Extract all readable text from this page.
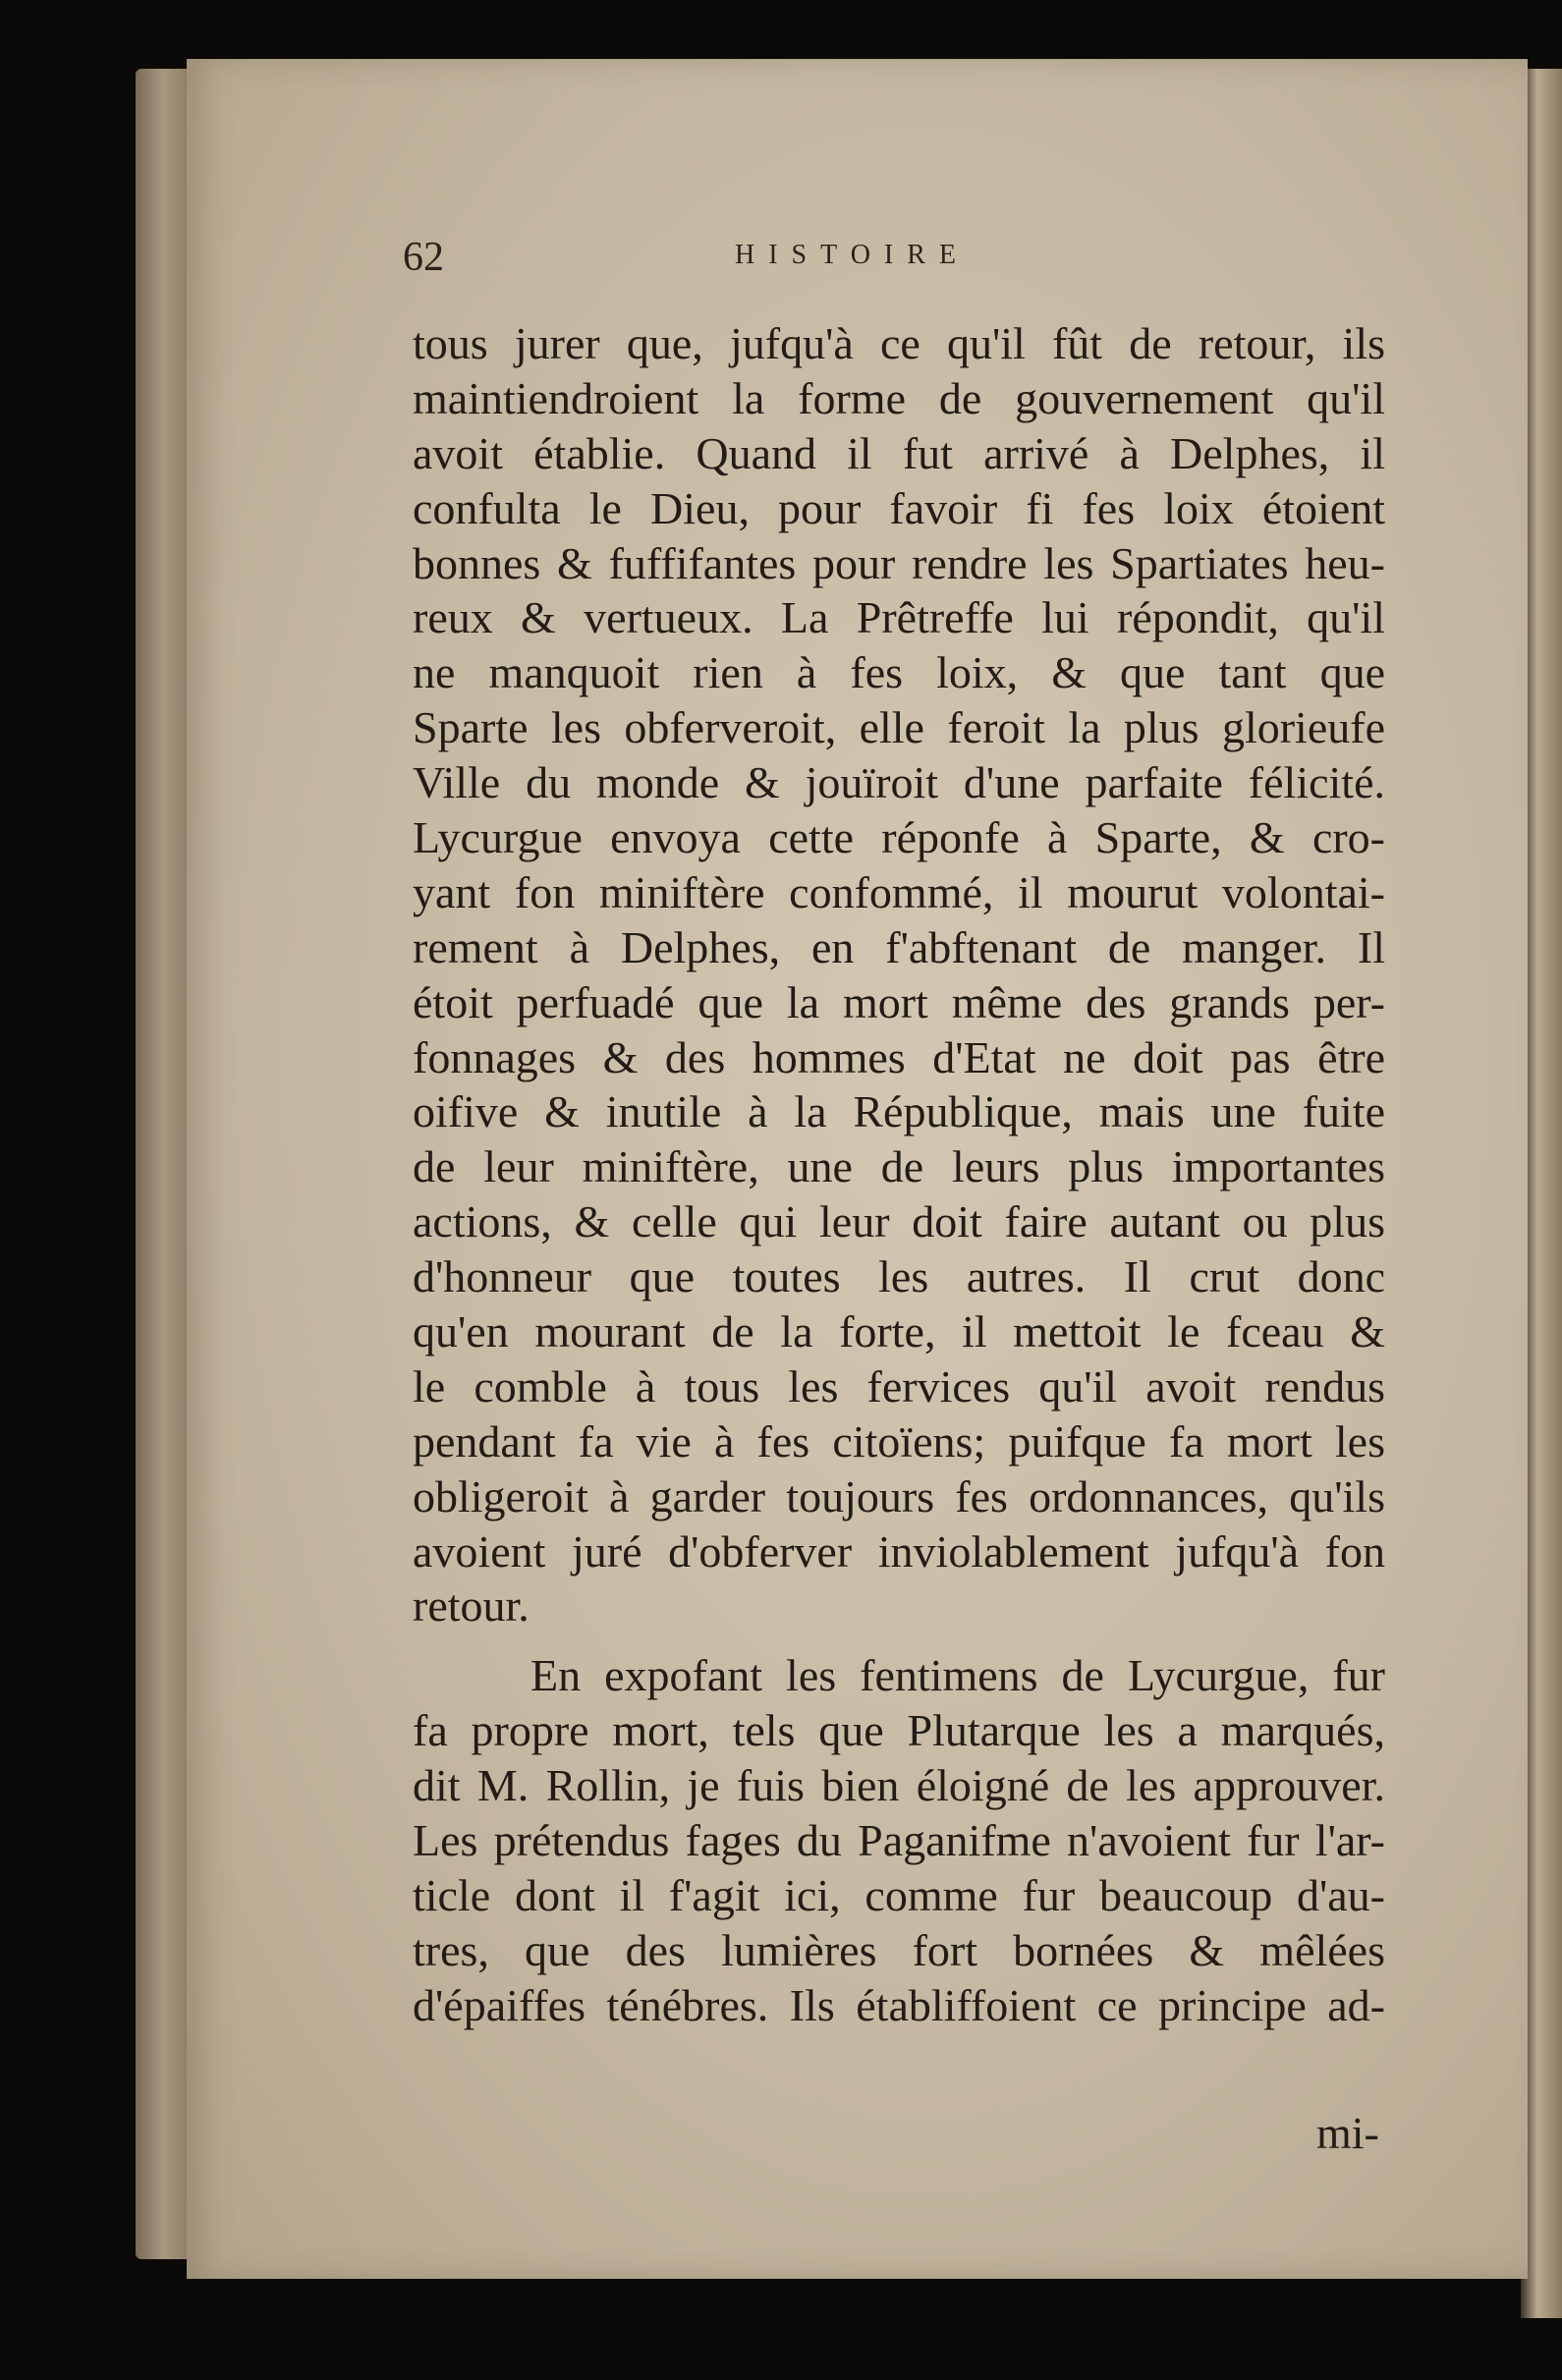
62	HISTOIRE
tous jurer que, jufqu'à ce qu'il fût de retour, ils
maintiendroient la forme de gouvernement qu'il
avoit établie. Quand il fut arrivé à Delphes, il
confulta le Dieu, pour favoir fi fes loix étoient
bonnes & fuffifantes pour rendre les Spartiates heu-
reux & vertueux. La Prêtreffe lui répondit, qu'il
ne manquoit rien à fes loix, & que tant que
Sparte les obferveroit, elle feroit la plus glorieufe
Ville du monde & jouïroit d'une parfaite félicité.
Lycurgue envoya cette réponfe à Sparte, & cro-
yant fon miniftère confommé, il mourut volontai-
rement à Delphes, en f'abftenant de manger. Il
étoit perfuadé que la mort même des grands per-
fonnages & des hommes d'Etat ne doit pas être
oifive & inutile à la République, mais une fuite
de leur miniftère, une de leurs plus importantes
actions, & celle qui leur doit faire autant ou plus
d'honneur que toutes les autres. Il crut donc
qu'en mourant de la forte, il mettoit le fceau &
le comble à tous les fervices qu'il avoit rendus
pendant fa vie à fes citoïens; puifque fa mort les
obligeroit à garder toujours fes ordonnances, qu'ils
avoient juré d'obferver inviolablement jufqu'à fon
retour.
En expofant les fentimens de Lycurgue, fur
fa propre mort, tels que Plutarque les a marqués,
dit M. Rollin, je fuis bien éloigné de les approuver.
Les prétendus fages du Paganifme n'avoient fur l'ar-
ticle dont il f'agit ici, comme fur beaucoup d'au-
tres, que des lumières fort bornées & mêlées
d'épaiffes ténébres. Ils établiffoient ce principe ad-
mi-
